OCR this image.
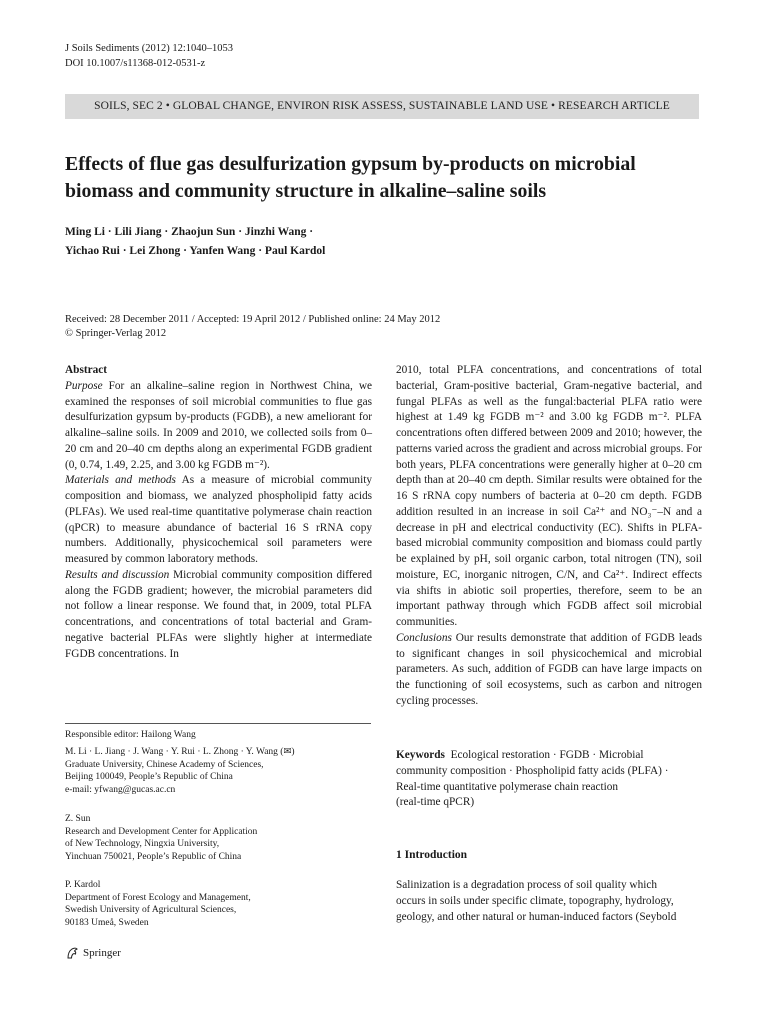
J Soils Sediments (2012) 12:1040–1053
DOI 10.1007/s11368-012-0531-z
SOILS, SEC 2 • GLOBAL CHANGE, ENVIRON RISK ASSESS, SUSTAINABLE LAND USE • RESEARCH ARTICLE
Effects of flue gas desulfurization gypsum by-products on microbial
biomass and community structure in alkaline–saline soils
Ming Li · Lili Jiang · Zhaojun Sun · Jinzhi Wang ·
Yichao Rui · Lei Zhong · Yanfen Wang · Paul Kardol
Received: 28 December 2011 / Accepted: 19 April 2012 / Published online: 24 May 2012
© Springer-Verlag 2012

Abstract

Purpose For an alkaline–saline region in Northwest China, we examined the responses of soil microbial communities to flue gas desulfurization gypsum by-products (FGDB), a new ameliorant for alkaline–saline soils. In 2009 and 2010, we collected soils from 0–20 cm and 20–40 cm depths along an experimental FGDB gradient (0, 0.74, 1.49, 2.25, and 3.00 kg FGDB m⁻²).

Materials and methods As a measure of microbial community composition and biomass, we analyzed phospholipid fatty acids (PLFAs). We used real-time quantitative polymerase chain reaction (qPCR) to measure abundance of bacterial 16 S rRNA copy numbers. Additionally, physicochemical soil parameters were measured by common laboratory methods.

Results and discussion Microbial community composition differed along the FGDB gradient; however, the microbial parameters did not follow a linear response. We found that, in 2009, total PLFA concentrations, and concentrations of total bacterial and Gram-negative bacterial PLFAs were slightly higher at intermediate FGDB concentrations. In

Responsible editor: Hailong Wang
M. Li · L. Jiang · J. Wang · Y. Rui · L. Zhong · Y. Wang (✉)
Graduate University, Chinese Academy of Sciences,
Beijing 100049, People’s Republic of China
e-mail: yfwang@gucas.ac.cn
Z. Sun
Research and Development Center for Application
of New Technology, Ningxia University,
Yinchuan 750021, People’s Republic of China
P. Kardol
Department of Forest Ecology and Management,
Swedish University of Agricultural Sciences,
90183 Umeå, Sweden

2010, total PLFA concentrations, and concentrations of total bacterial, Gram-positive bacterial, Gram-negative bacterial, and fungal PLFAs as well as the fungal:bacterial PLFA ratio were highest at 1.49 kg FGDB m⁻² and 3.00 kg FGDB m⁻². PLFA concentrations often differed between 2009 and 2010; however, the patterns varied across the gradient and across microbial groups. For both years, PLFA concentrations were generally higher at 0–20 cm depth than at 20–40 cm depth. Similar results were obtained for the 16 S rRNA copy numbers of bacteria at 0–20 cm depth. FGDB addition resulted in an increase in soil Ca²⁺ and NO₃⁻–N and a decrease in pH and electrical conductivity (EC). Shifts in PLFA-based microbial community composition and biomass could partly be explained by pH, soil organic carbon, total nitrogen (TN), soil moisture, EC, inorganic nitrogen, C/N, and Ca²⁺. Indirect effects via shifts in abiotic soil properties, therefore, seem to be an important pathway through which FGDB affect soil microbial communities.

Conclusions Our results demonstrate that addition of FGDB leads to significant changes in soil physicochemical and microbial parameters. As such, addition of FGDB can have large impacts on the functioning of soil ecosystems, such as carbon and nitrogen cycling processes.

Keywords Ecological restoration · FGDB · Microbial
community composition · Phospholipid fatty acids (PLFA) ·
Real-time quantitative polymerase chain reaction
(real-time qPCR)
1 Introduction
Salinization is a degradation process of soil quality which
occurs in soils under specific climate, topography, hydrology,
geology, and other natural or human-induced factors (Seybold
Springer
